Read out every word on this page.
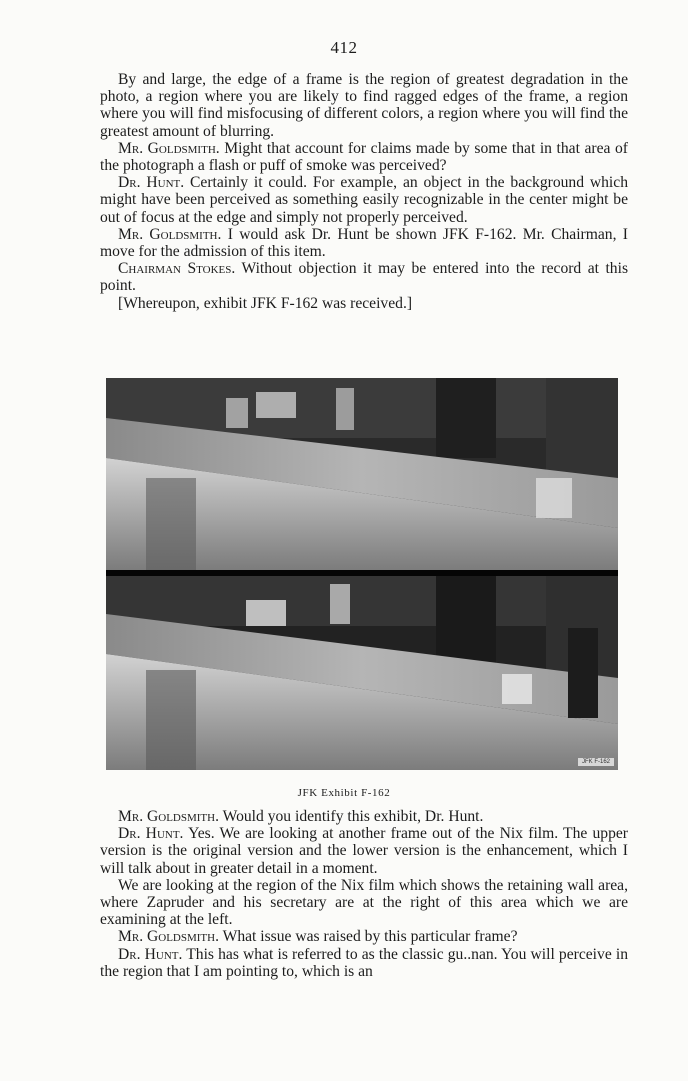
412

By and large, the edge of a frame is the region of greatest degradation in the photo, a region where you are likely to find ragged edges of the frame, a region where you will find misfocusing of different colors, a region where you will find the greatest amount of blurring.

Mr. Goldsmith. Might that account for claims made by some that in that area of the photograph a flash or puff of smoke was perceived?

Dr. Hunt. Certainly it could. For example, an object in the background which might have been perceived as something easily recognizable in the center might be out of focus at the edge and simply not properly perceived.

Mr. Goldsmith. I would ask Dr. Hunt be shown JFK F-162. Mr. Chairman, I move for the admission of this item.

Chairman Stokes. Without objection it may be entered into the record at this point.

[Whereupon, exhibit JFK F-162 was received.]

JFK F-162
JFK Exhibit F-162

Mr. Goldsmith. Would you identify this exhibit, Dr. Hunt.

Dr. Hunt. Yes. We are looking at another frame out of the Nix film. The upper version is the original version and the lower version is the enhancement, which I will talk about in greater detail in a moment.

We are looking at the region of the Nix film which shows the retaining wall area, where Zapruder and his secretary are at the right of this area which we are examining at the left.

Mr. Goldsmith. What issue was raised by this particular frame?

Dr. Hunt. This has what is referred to as the classic gu..nan. You will perceive in the region that I am pointing to, which is an
